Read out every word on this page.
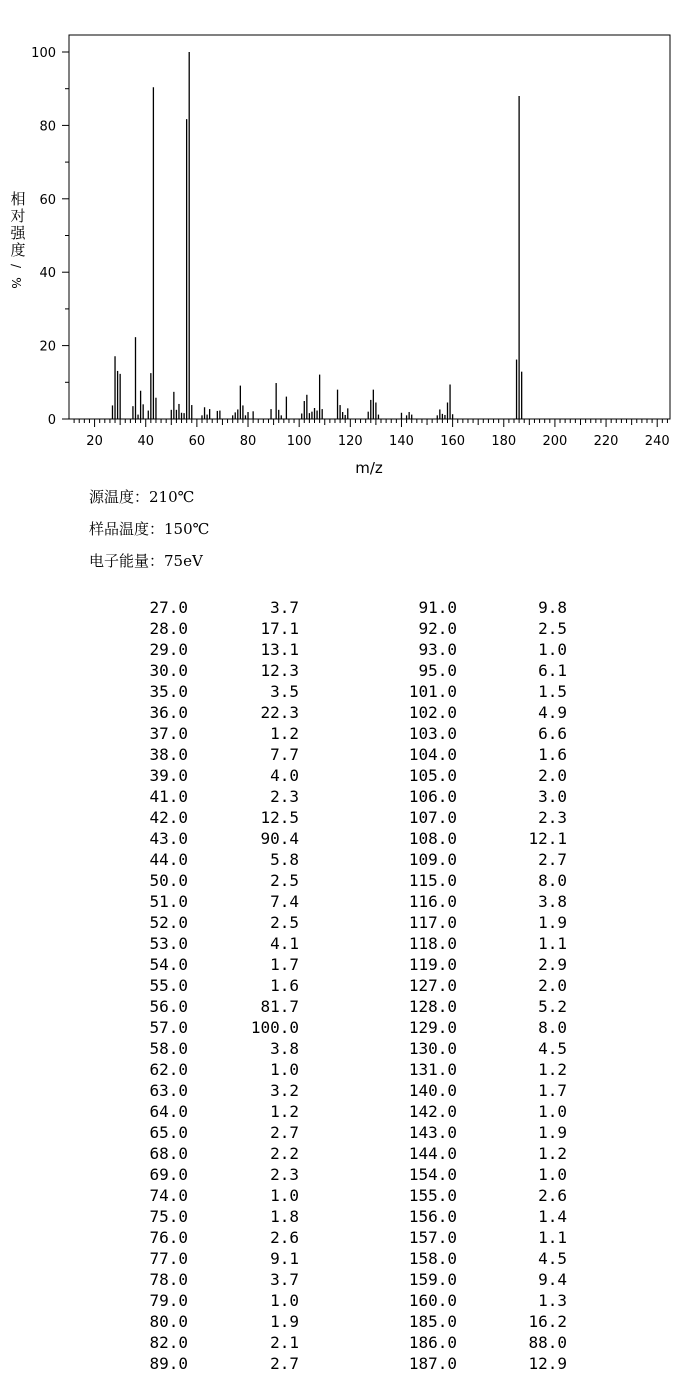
0
20
40
60
80
100
20	40	60	80 100 120 140 160 180 200 220 240
m/z
相
对
强
度
/
%
源温度：210℃
样品温度：150℃
电子能量：75eV
27.0	3.7	91.0	9.8
28.0	17.1	92.0	2.5
29.0	13.1	93.0	1.0
30.0	12.3	95.0	6.1
35.0	3.5	101.0	1.5
36.0	22.3	102.0	4.9
37.0	1.2	103.0	6.6
38.0	7.7	104.0	1.6
39.0	4.0	105.0	2.0
41.0	2.3	106.0	3.0
42.0	12.5	107.0	2.3
43.0	90.4	108.0	12.1
44.0	5.8	109.0	2.7
50.0	2.5	115.0	8.0
51.0	7.4	116.0	3.8
52.0	2.5	117.0	1.9
53.0	4.1	118.0	1.1
54.0	1.7	119.0	2.9
55.0	1.6	127.0	2.0
56.0	81.7	128.0	5.2
57.0	100.0	129.0	8.0
58.0	3.8	130.0	4.5
62.0	1.0	131.0	1.2
63.0	3.2	140.0	1.7
64.0	1.2	142.0	1.0
65.0	2.7	143.0	1.9
68.0	2.2	144.0	1.2
69.0	2.3	154.0	1.0
74.0	1.0	155.0	2.6
75.0	1.8	156.0	1.4
76.0	2.6	157.0	1.1
77.0	9.1	158.0	4.5
78.0	3.7	159.0	9.4
79.0	1.0	160.0	1.3
80.0	1.9	185.0	16.2
82.0	2.1	186.0	88.0
89.0	2.7	187.0	12.9
